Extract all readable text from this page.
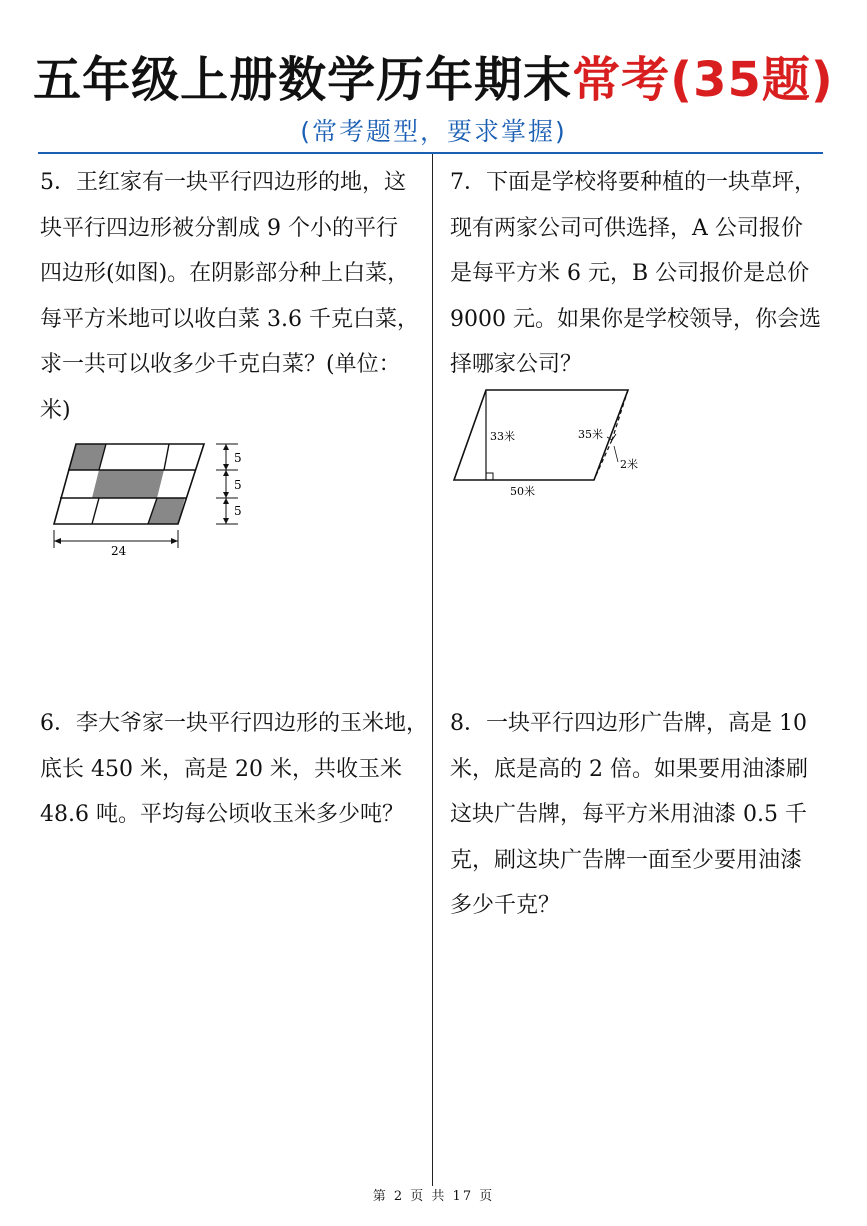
五年级上册数学历年期末常考(35题)
(常考题型，要求掌握)
5．王红家有一块平行四边形的地，这
块平行四边形被分割成 9 个小的平行
四边形(如图)。在阴影部分种上白菜，
每平方米地可以收白菜 3.6 千克白菜，
求一共可以收多少千克白菜？(单位：
米)
5
5
5
24
7．下面是学校将要种植的一块草坪，
现有两家公司可供选择，A 公司报价
是每平方米 6 元，B 公司报价是总价
9000 元。如果你是学校领导，你会选
择哪家公司？
33米	35米
2米
50米
6．李大爷家一块平行四边形的玉米地，
底长 450 米，高是 20 米，共收玉米
48.6 吨。平均每公顷收玉米多少吨？
8．一块平行四边形广告牌，高是 10
米，底是高的 2 倍。如果要用油漆刷
这块广告牌，每平方米用油漆 0.5 千
克，刷这块广告牌一面至少要用油漆
多少千克？
第 2 页 共 17 页
